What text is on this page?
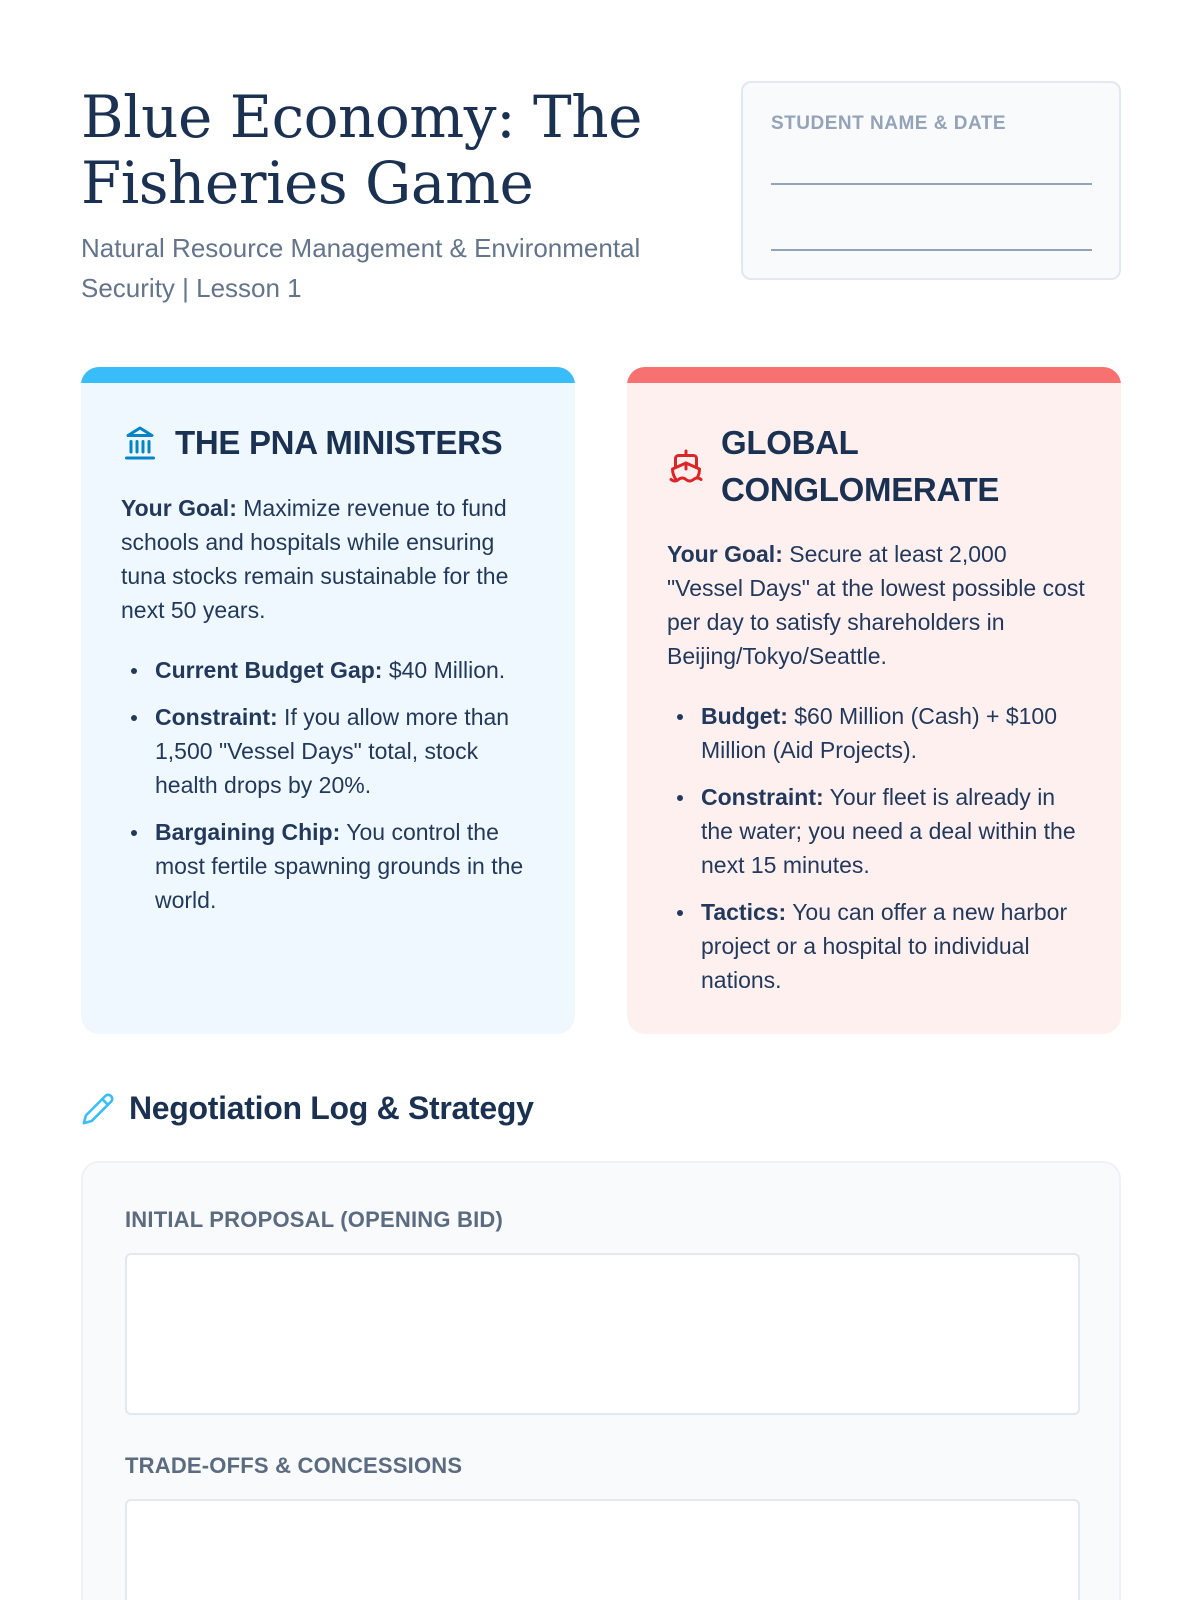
Blue Economy: The
Fisheries Game
Natural Resource Management & Environmental Security | Lesson 1
STUDENT NAME & DATE
THE PNA MINISTERS

Your Goal: Maximize revenue to fund schools and hospitals while ensuring tuna stocks remain sustainable for the next 50 years.

Current Budget Gap: $40 Million.
Constraint: If you allow more than 1,500 "Vessel Days" total, stock health drops by 20%.
Bargaining Chip: You control the most fertile spawning grounds in the world.
GLOBAL CONGLOMERATE

Your Goal: Secure at least 2,000 "Vessel Days" at the lowest possible cost per day to satisfy shareholders in Beijing/Tokyo/Seattle.

Budget: $60 Million (Cash) + $100 Million (Aid Projects).
Constraint: Your fleet is already in the water; you need a deal within the next 15 minutes.
Tactics: You can offer a new harbor project or a hospital to individual nations.
Negotiation Log & Strategy
INITIAL PROPOSAL (OPENING BID)
TRADE-OFFS & CONCESSIONS
